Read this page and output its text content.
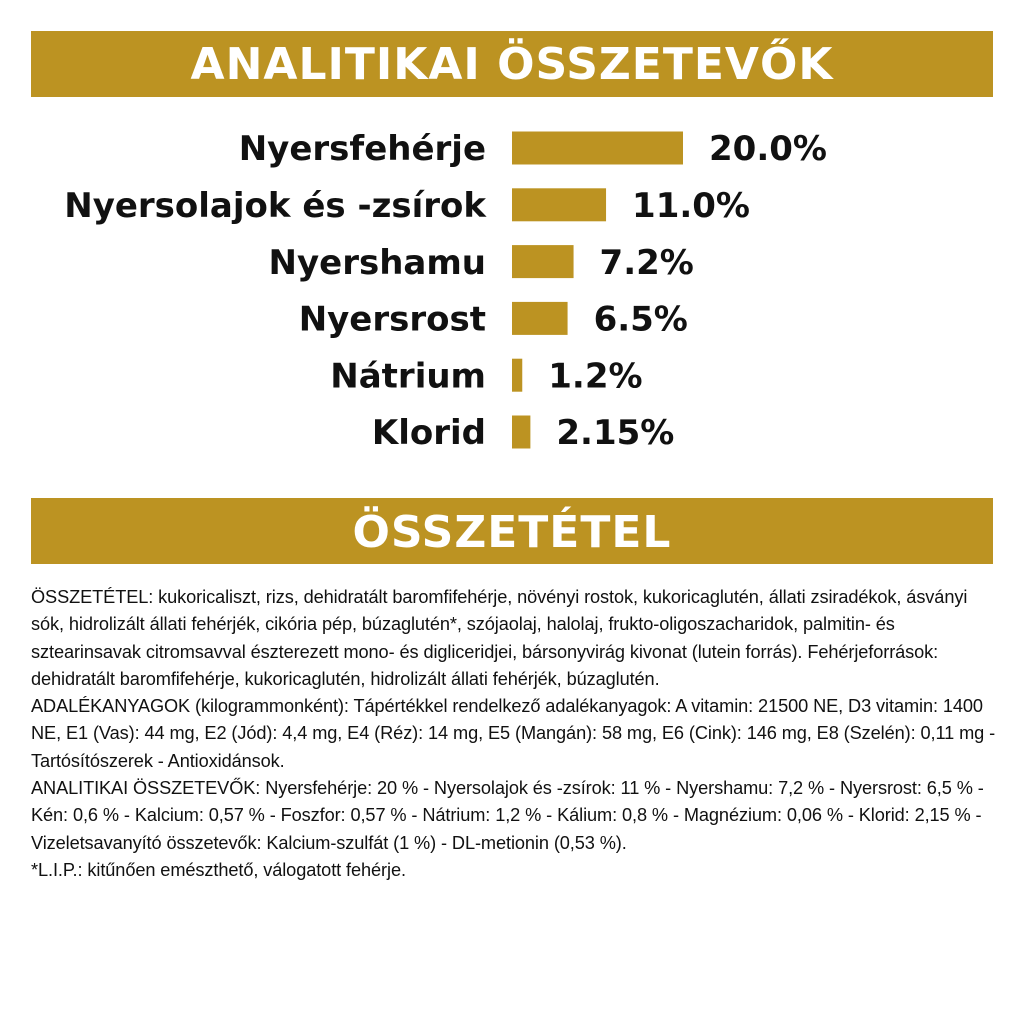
ANALITIKAI ÖSSZETEVŐK
Nyersfehérje	20.0%
Nyersolajok és -zsírok	11.0%
Nyershamu	7.2%
Nyersrost	6.5%
Nátrium 1.2%
Klorid 2.15%
ÖSSZETÉTEL

ÖSSZETÉTEL: kukoricaliszt, rizs, dehidratált baromfifehérje, növényi rostok, kukoricaglutén, állati zsiradékok, ásványi sók, hidrolizált állati fehérjék, cikória pép, búzaglutén*, szójaolaj, halolaj, frukto-oligoszacharidok, palmitin- és sztearinsavak citromsavval észterezett mono- és digliceridjei, bársonyvirág kivonat (lutein forrás). Fehérjeforrások: dehidratált baromfifehérje, kukoricaglutén, hidrolizált állati fehérjék, búzaglutén.

ADALÉKANYAGOK (kilogrammonként): Tápértékkel rendelkező adalékanyagok: A vitamin: 21500 NE, D3 vitamin: 1400 NE, E1 (Vas): 44 mg, E2 (Jód): 4,4 mg, E4 (Réz): 14 mg, E5 (Mangán): 58 mg, E6 (Cink): 146 mg, E8 (Szelén): 0,11 mg - Tartósítószerek - Antioxidánsok.

ANALITIKAI ÖSSZETEVŐK: Nyersfehérje: 20 % - Nyersolajok és -zsírok: 11 % - Nyershamu: 7,2 % - Nyersrost: 6,5 % - Kén: 0,6 % - Kalcium: 0,57 % - Foszfor: 0,57 % - Nátrium: 1,2 % - Kálium: 0,8 % - Magnézium: 0,06 % - Klorid: 2,15 % - Vizeletsavanyító összetevők: Kalcium-szulfát (1 %) - DL-metionin (0,53 %).

*L.I.P.: kitűnően emészthető, válogatott fehérje.
